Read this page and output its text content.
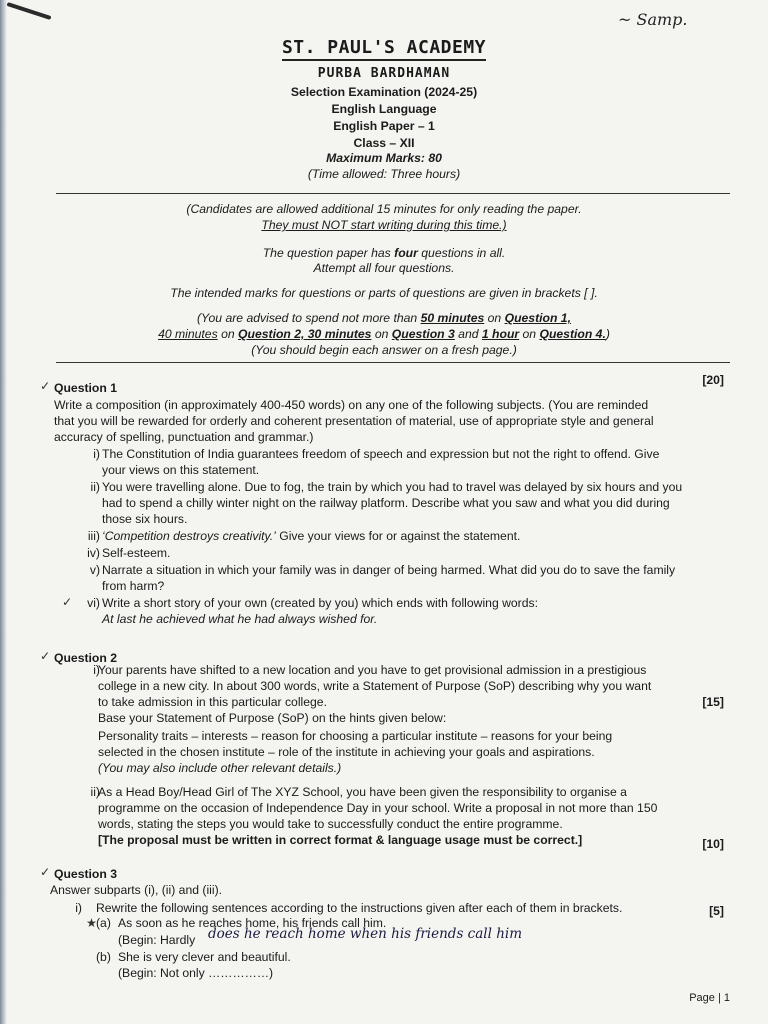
~ Samp.
ST. PAUL'S ACADEMY
PURBA BARDHAMAN
Selection Examination (2024-25)
English Language
English Paper – 1
Class – XII
Maximum Marks: 80
(Time allowed: Three hours)
(Candidates are allowed additional 15 minutes for only reading the paper.
They must NOT start writing during this time.)
The question paper has four questions in all.
Attempt all four questions.
The intended marks for questions or parts of questions are given in brackets [ ].
(You are advised to spend not more than 50 minutes on Question 1,
40 minutes on Question 2, 30 minutes on Question 3 and 1 hour on Question 4.)
(You should begin each answer on a fresh page.)
✓ Question 1
[20]
Write a composition (in approximately 400-450 words) on any one of the following subjects. (You are reminded
that you will be rewarded for orderly and coherent presentation of material, use of appropriate style and general
accuracy of spelling, punctuation and grammar.)
i) The Constitution of India guarantees freedom of speech and expression but not the right to offend. Give
your views on this statement.
ii) You were travelling alone. Due to fog, the train by which you had to travel was delayed by six hours and you
had to spend a chilly winter night on the railway platform. Describe what you saw and what you did during
those six hours.
iii) ‘Competition destroys creativity.’ Give your views for or against the statement.
iv) Self-esteem.
v) Narrate a situation in which your family was in danger of being harmed. What did you do to save the family
from harm?
✓	vi) Write a short story of your own (created by you) which ends with following words:
At last he achieved what he had always wished for.
✓ Question 2
i)
Your parents have shifted to a new location and you have to get provisional admission in a prestigious
college in a new city. In about 300 words, write a Statement of Purpose (SoP) describing why you want
to take admission in this particular college.	[15]
Base your Statement of Purpose (SoP) on the hints given below:
Personality traits – interests – reason for choosing a particular institute – reasons for your being
selected in the chosen institute – role of the institute in achieving your goals and aspirations.
(You may also include other relevant details.)
ii)
As a Head Boy/Head Girl of The XYZ School, you have been given the responsibility to organise a
programme on the occasion of Independence Day in your school. Write a proposal in not more than 150
words, stating the steps you would take to successfully conduct the entire programme.
[The proposal must be written in correct format & language usage must be correct.]	[10]
✓ Question 3
Answer subparts (i), (ii) and (iii).
i) Rewrite the following sentences according to the instructions given after each of them in brackets.	[5]
★ (a) As soon as he reaches home, his friends call him.
(Begin: Hardly does he reach home when his friends call him
(b) She is very clever and beautiful.
(Begin: Not only ……………)
Page | 1
